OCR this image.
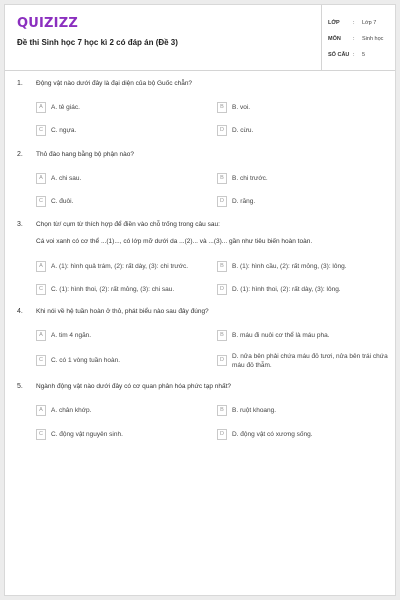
QUIZIZZ
Đề thi Sinh học 7 học kì 2 có đáp án (Đề 3)
LỚP : Lớp 7
MÔN : Sinh học
SỐ CÂU : 5
1. Động vật nào dưới đây là đại diện của bộ Guốc chẵn?
A	A. tê giác.	B	B. voi.
C	C. ngựa.	D	D. cừu.
2. Thỏ đào hang bằng bộ phận nào?
A	A. chi sau.	B	B. chi trước.
C	C. đuôi.	D	D. răng.
3. Chọn từ/ cụm từ thích hợp để điền vào chỗ trống trong câu sau:
Cá voi xanh có cơ thể ...(1)..., có lớp mỡ dưới da ...(2)... và ...(3)... gần như tiêu biến hoàn toàn.
A	A. (1): hình quả trám, (2): rất dày, (3): chi trước.	B	B. (1): hình cầu, (2): rất mỏng, (3): lông.
C	C. (1): hình thoi, (2): rất mỏng, (3): chi sau.	D	D. (1): hình thoi, (2): rất dày, (3): lông.
4. Khi nói về hệ tuần hoàn ở thỏ, phát biểu nào sau đây đúng?
A	A. tim 4 ngăn.	B	B. máu đi nuôi cơ thể là máu pha.
C	C. có 1 vòng tuần hoàn.	D	D. nửa bên phải chứa máu đỏ tươi, nửa bên trái chứa máu đỏ thẫm.
5. Ngành động vật nào dưới đây có cơ quan phân hóa phức tạp nhất?
A	A. chân khớp.	B	B. ruột khoang.
C	C. động vật nguyên sinh.	D	D. động vật có xương sống.
